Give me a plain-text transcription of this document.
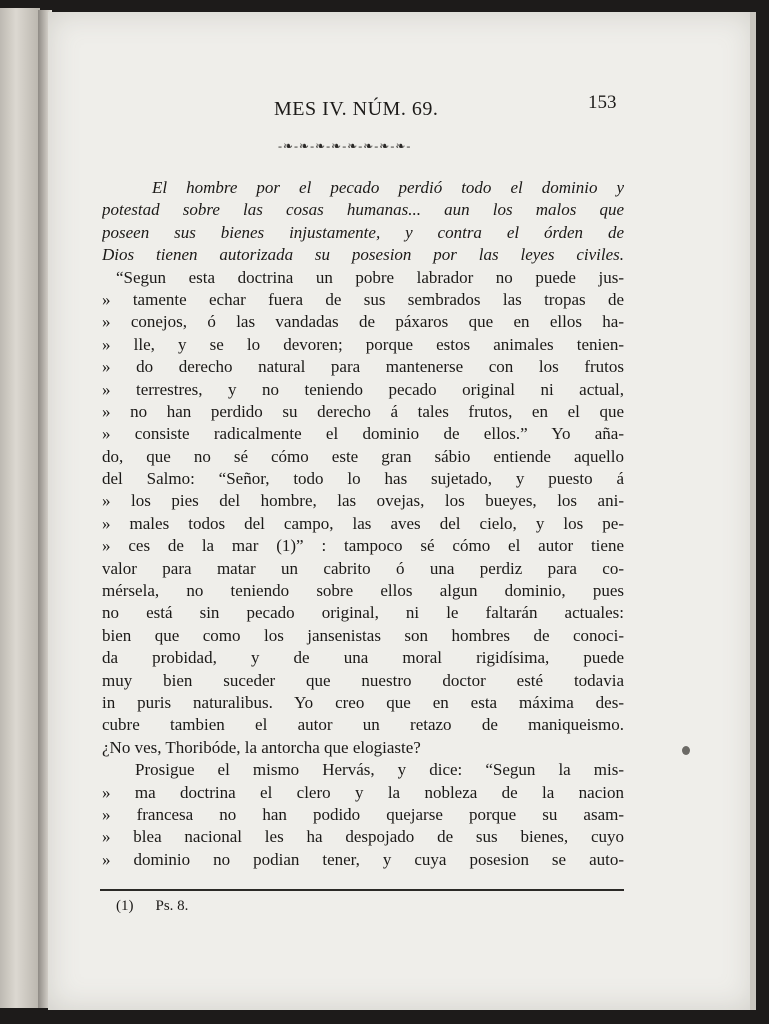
MES IV. NÚM. 69.	153
-❧-❧-❧-❧-❧-❧-❧-❧-
El hombre por el pecado perdió todo el dominio y
potestad sobre las cosas humanas... aun los malos que
poseen sus bienes injustamente, y contra el órden de
Dios tienen autorizada su posesion por las leyes civiles.
“Segun esta doctrina un pobre labrador no puede jus-
» tamente echar fuera de sus sembrados las tropas de
» conejos, ó las vandadas de páxaros que en ellos ha-
» lle, y se lo devoren; porque estos animales tenien-
» do derecho natural para mantenerse con los frutos
» terrestres, y no teniendo pecado original ni actual,
» no han perdido su derecho á tales frutos, en el que
» consiste radicalmente el dominio de ellos.” Yo aña-
do, que no sé cómo este gran sábio entiende aquello
del Salmo: “Señor, todo lo has sujetado, y puesto á
» los pies del hombre, las ovejas, los bueyes, los ani-
» males todos del campo, las aves del cielo, y los pe-
» ces de la mar (1)” : tampoco sé cómo el autor tiene
valor para matar un cabrito ó una perdiz para co-
mérsela, no teniendo sobre ellos algun dominio, pues
no está sin pecado original, ni le faltarán actuales:
bien que como los jansenistas son hombres de conoci-
da probidad, y de una moral rigidísima, puede
muy bien suceder que nuestro doctor esté todavia
in puris naturalibus. Yo creo que en esta máxima des-
cubre tambien el autor un retazo de maniqueismo.
¿No ves, Thoribóde, la antorcha que elogiaste?
Prosigue el mismo Hervás, y dice: “Segun la mis-
» ma doctrina el clero y la nobleza de la nacion
» francesa no han podido quejarse porque su asam-
» blea nacional les ha despojado de sus bienes, cuyo
» dominio no podian tener, y cuya posesion se auto-
(1) Ps. 8.
